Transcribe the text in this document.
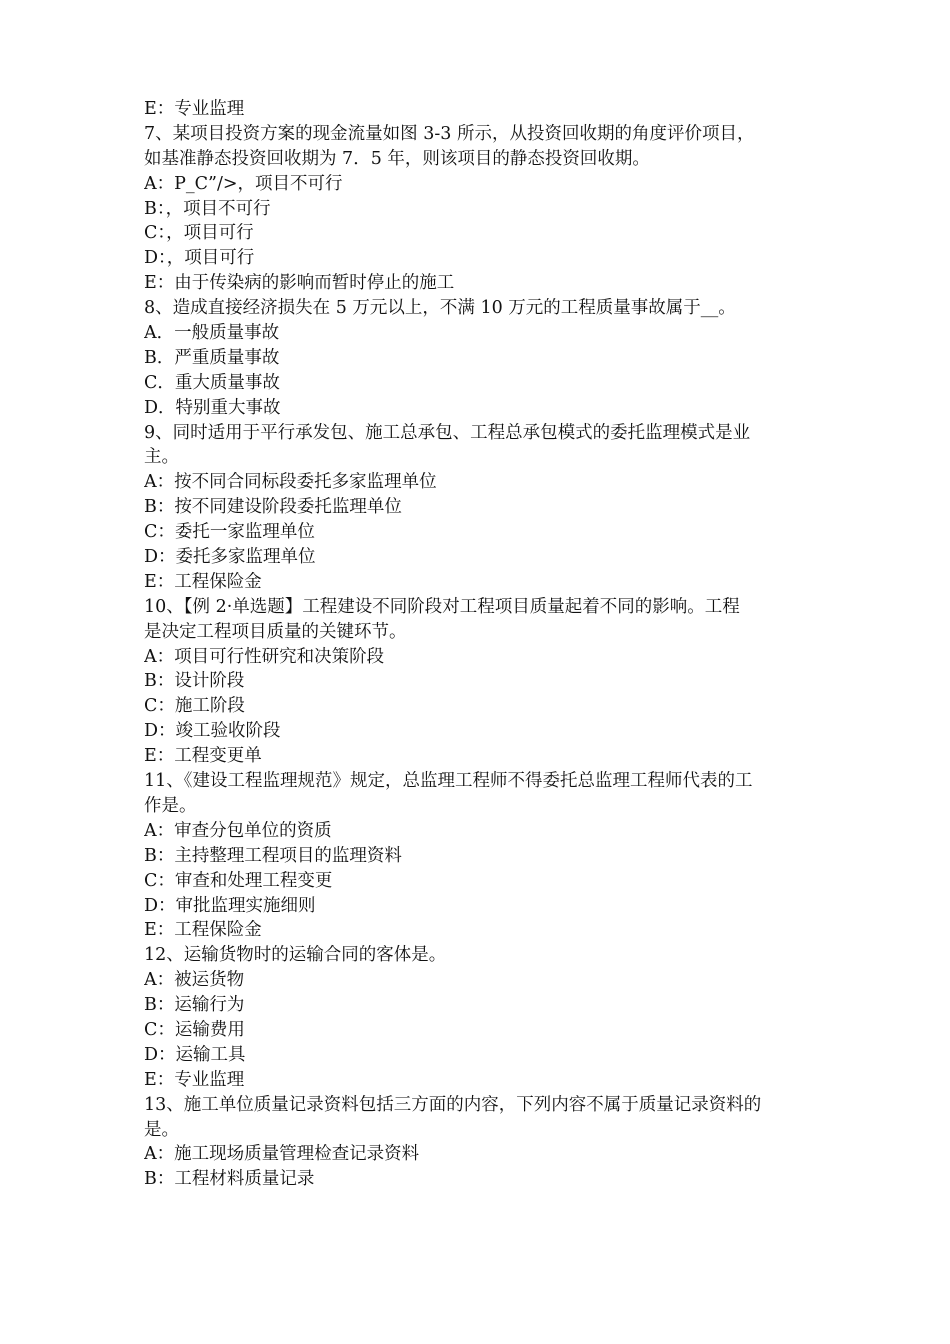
E：专业监理
7、某项目投资方案的现金流量如图 3-3 所示，从投资回收期的角度评价项目，
如基准静态投资回收期为 7．5 年，则该项目的静态投资回收期。
A：P_C”/>，项目不可行
B：，项目不可行
C：，项目可行
D：，项目可行
E：由于传染病的影响而暂时停止的施工
8、造成直接经济损失在 5 万元以上，不满 10 万元的工程质量事故属于__。
A．一般质量事故
B．严重质量事故
C．重大质量事故
D．特别重大事故
9、同时适用于平行承发包、施工总承包、工程总承包模式的委托监理模式是业
主。
A：按不同合同标段委托多家监理单位
B：按不同建设阶段委托监理单位
C：委托一家监理单位
D：委托多家监理单位
E：工程保险金
10、【例 2·单选题】工程建设不同阶段对工程项目质量起着不同的影响。工程
是决定工程项目质量的关键环节。
A：项目可行性研究和决策阶段
B：设计阶段
C：施工阶段
D：竣工验收阶段
E：工程变更单
11、《建设工程监理规范》规定，总监理工程师不得委托总监理工程师代表的工
作是。
A：审查分包单位的资质
B：主持整理工程项目的监理资料
C：审查和处理工程变更
D：审批监理实施细则
E：工程保险金
12、运输货物时的运输合同的客体是。
A：被运货物
B：运输行为
C：运输费用
D：运输工具
E：专业监理
13、施工单位质量记录资料包括三方面的内容，下列内容不属于质量记录资料的
是。
A：施工现场质量管理检查记录资料
B：工程材料质量记录
